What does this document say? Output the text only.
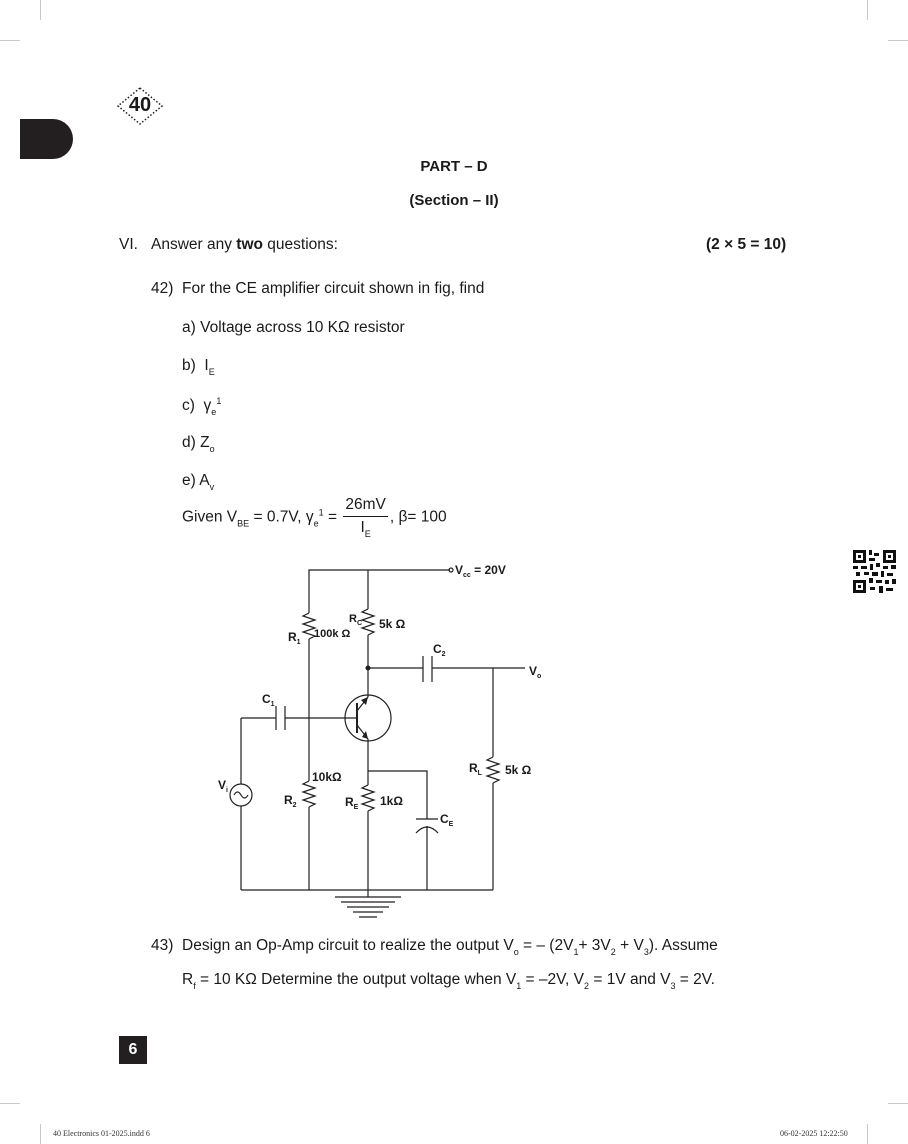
40
PART – D
(Section – II)
VI. Answer any two questions:	(2 × 5 = 10)
42) For the CE amplifier circuit shown in fig, find
a) Voltage across 10 KΩ resistor
b) $I_E$
c) $\gamma_e^1$
d) $Z_o$
e) $A_v$
Given $V_{BE} = 0.7V$, $\gamma_e^1 = \frac{26mV}{I_E}$ , β= 100
$V_{cc} = 20V$
$R_C$ 5k Ω
$R_1$
100k Ω
$C_2$
$V_o$
$C_1$
$V_i$
10kΩ
$R_2$	$R_E$ 1kΩ
$R_L$ 5k Ω
$C_E$
43) Design an Op-Amp circuit to realize the output $V_o$ = – $(2V_1+ 3V_2 + V_3)$. Assume
$R_f = 10$ KΩ Determine the output voltage when $V_1 = -2V$, $V_2 = 1V$ and $V_3 = 2V$.
6
40 Electronics 01-2025.indd 6	06-02-2025 12:22:50
